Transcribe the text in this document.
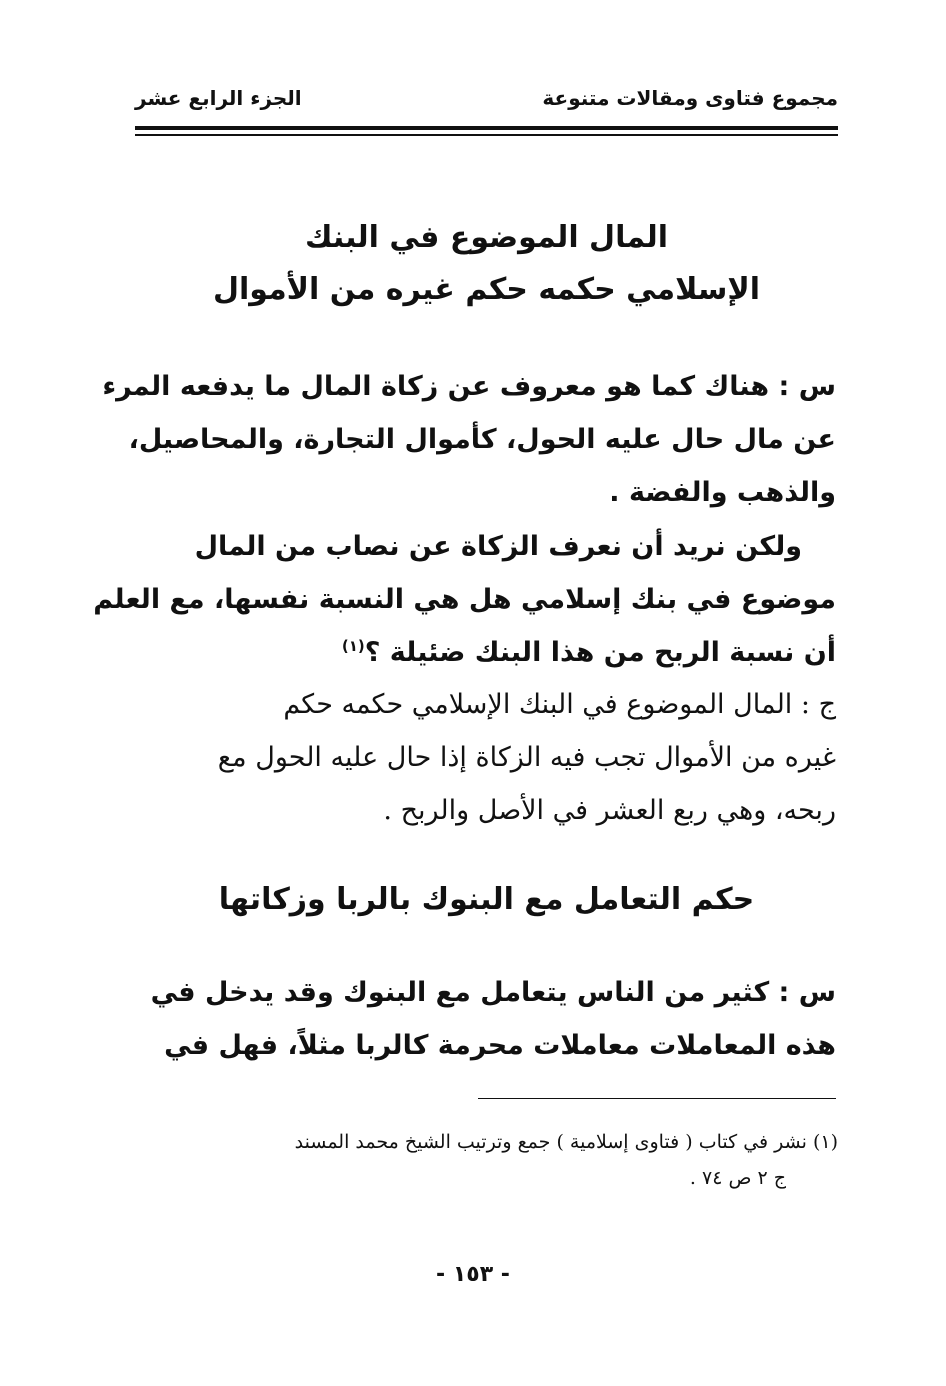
مجموع فتاوى ومقالات متنوعة
الجزء الرابع عشر
المال الموضوع في البنك
الإسلامي حكمه حكم غيره من الأموال
س : هناك كما هو معروف عن زكاة المال ما يدفعه المرء
عن مال حال عليه الحول، كأموال التجارة، والمحاصيل،
والذهب والفضة .
ولكن نريد أن نعرف الزكاة عن نصاب من المال
موضوع في بنك إسلامي هل هي النسبة نفسها، مع العلم
أن نسبة الربح من هذا البنك ضئيلة ؟$^{(١)}$
ج : المال الموضوع في البنك الإسلامي حكمه حكم
غيره من الأموال تجب فيه الزكاة إذا حال عليه الحول مع
ربحه، وهي ربع العشر في الأصل والربح .
حكم التعامل مع البنوك بالربا وزكاتها
س : كثير من الناس يتعامل مع البنوك وقد يدخل في
هذه المعاملات معاملات محرمة كالربا مثلاً، فهل في
(١) نشر في كتاب ( فتاوى إسلامية ) جمع وترتيب الشيخ محمد المسند
ج ٢ ص ٧٤ .
- ١٥٣ -
